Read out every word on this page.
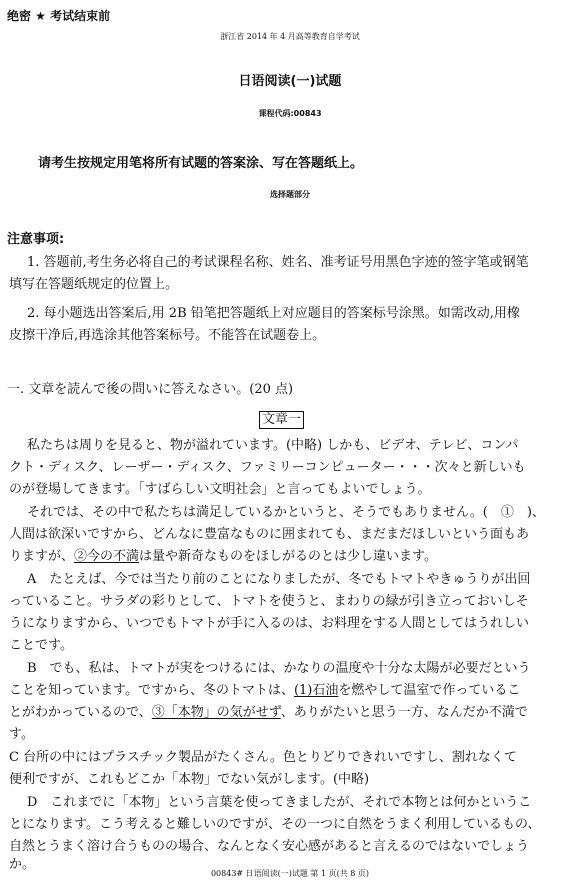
绝密 ★ 考试结束前
浙江省 2014 年 4 月高等教育自学考试
日语阅读(一)试题
课程代码:00843
请考生按规定用笔将所有试题的答案涂、写在答题纸上。
选择题部分
注意事项:
1. 答题前,考生务必将自己的考试课程名称、姓名、准考证号用黑色字迹的签字笔或钢笔
填写在答题纸规定的位置上。
2. 每小题选出答案后,用 2B 铅笔把答题纸上对应题目的答案标号涂黑。如需改动,用橡
皮擦干净后,再选涂其他答案标号。不能答在试题卷上。
一. 文章を読んで後の問いに答えなさい。(20 点)
文章一
私たちは周りを見ると、物が溢れています。(中略) しかも、ビデオ、テレビ、コンパ
クト・ディスク、レーザー・ディスク、ファミリーコンピューター・・・次々と新しいも
のが登場してきます。「すばらしい文明社会」と言ってもよいでしょう。
それでは、その中で私たちは満足しているかというと、そうでもありません。(　①　)、
人間は欲深いですから、どんなに豊富なものに囲まれても、まだまだほしいという面もあ
りますが、②今の不満は量や新奇なものをほしがるのとは少し違います。
A　たとえば、今では当たり前のことになりましたが、冬でもトマトやきゅうりが出回
っていること。サラダの彩りとして、トマトを使うと、まわりの緑が引き立っておいしそ
うになりますから、いつでもトマトが手に入るのは、お料理をする人間としてはうれしい
ことです。
B　でも、私は、トマトが実をつけるには、かなりの温度や十分な太陽が必要だという
ことを知っています。ですから、冬のトマトは、(1)石油を燃やして温室で作っているこ
とがわかっているので、③「本物」の気がせず、ありがたいと思う一方、なんだか不満で
す。
C 台所の中にはプラスチック製品がたくさん。色とりどりできれいですし、割れなくて
便利ですが、これもどこか「本物」でない気がします。(中略)
D　これまでに「本物」という言葉を使ってきましたが、それで本物とは何かというこ
とになります。こう考えると難しいのですが、その一つに自然をうまく利用しているもの、
自然とうまく溶け合うものの場合、なんとなく安心感があると言えるのではないでしょう
か。
00843# 日语阅读(一)试题 第 1 页(共 8 页)
